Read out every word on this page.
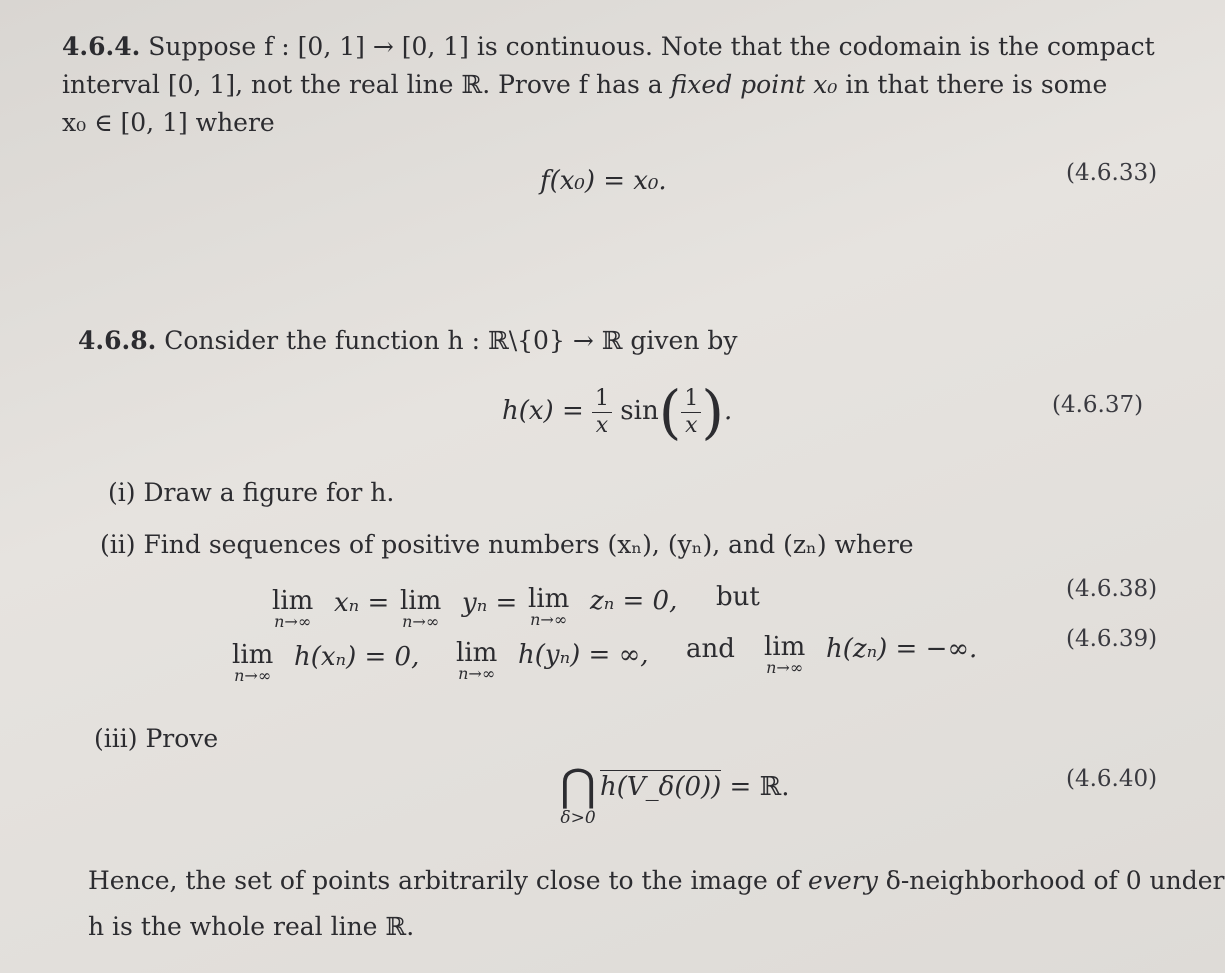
4.6.4. Suppose f : [0, 1] → [0, 1] is continuous. Note that the codomain is the compact
interval [0, 1], not the real line ℝ. Prove f has a fixed point x₀ in that there is some
x₀ ∈ [0, 1] where
f(x₀) = x₀.	(4.6.33)
4.6.8. Consider the function h : ℝ\{0} → ℝ given by
$h(x) = \frac{1}{x} \sin( \frac{1}{x}$ ).	(4.6.37)
(i) Draw a figure for h.
(ii) Find sequences of positive numbers (xₙ), (yₙ), and (zₙ) where
lim
n→∞
xₙ = lim
n→∞
yₙ = lim
n→∞
zₙ = 0, but	(4.6.38)
lim
n→∞
h(xₙ) = 0, lim
n→∞
h(yₙ) = ∞, and lim
n→∞
h(zₙ) = −∞.	(4.6.39)
(iii) Prove
⋂
δ>0
h(V_δ(0)) = ℝ.	(4.6.40)
Hence, the set of points arbitrarily close to the image of every δ-neighborhood of 0 under
h is the whole real line ℝ.
